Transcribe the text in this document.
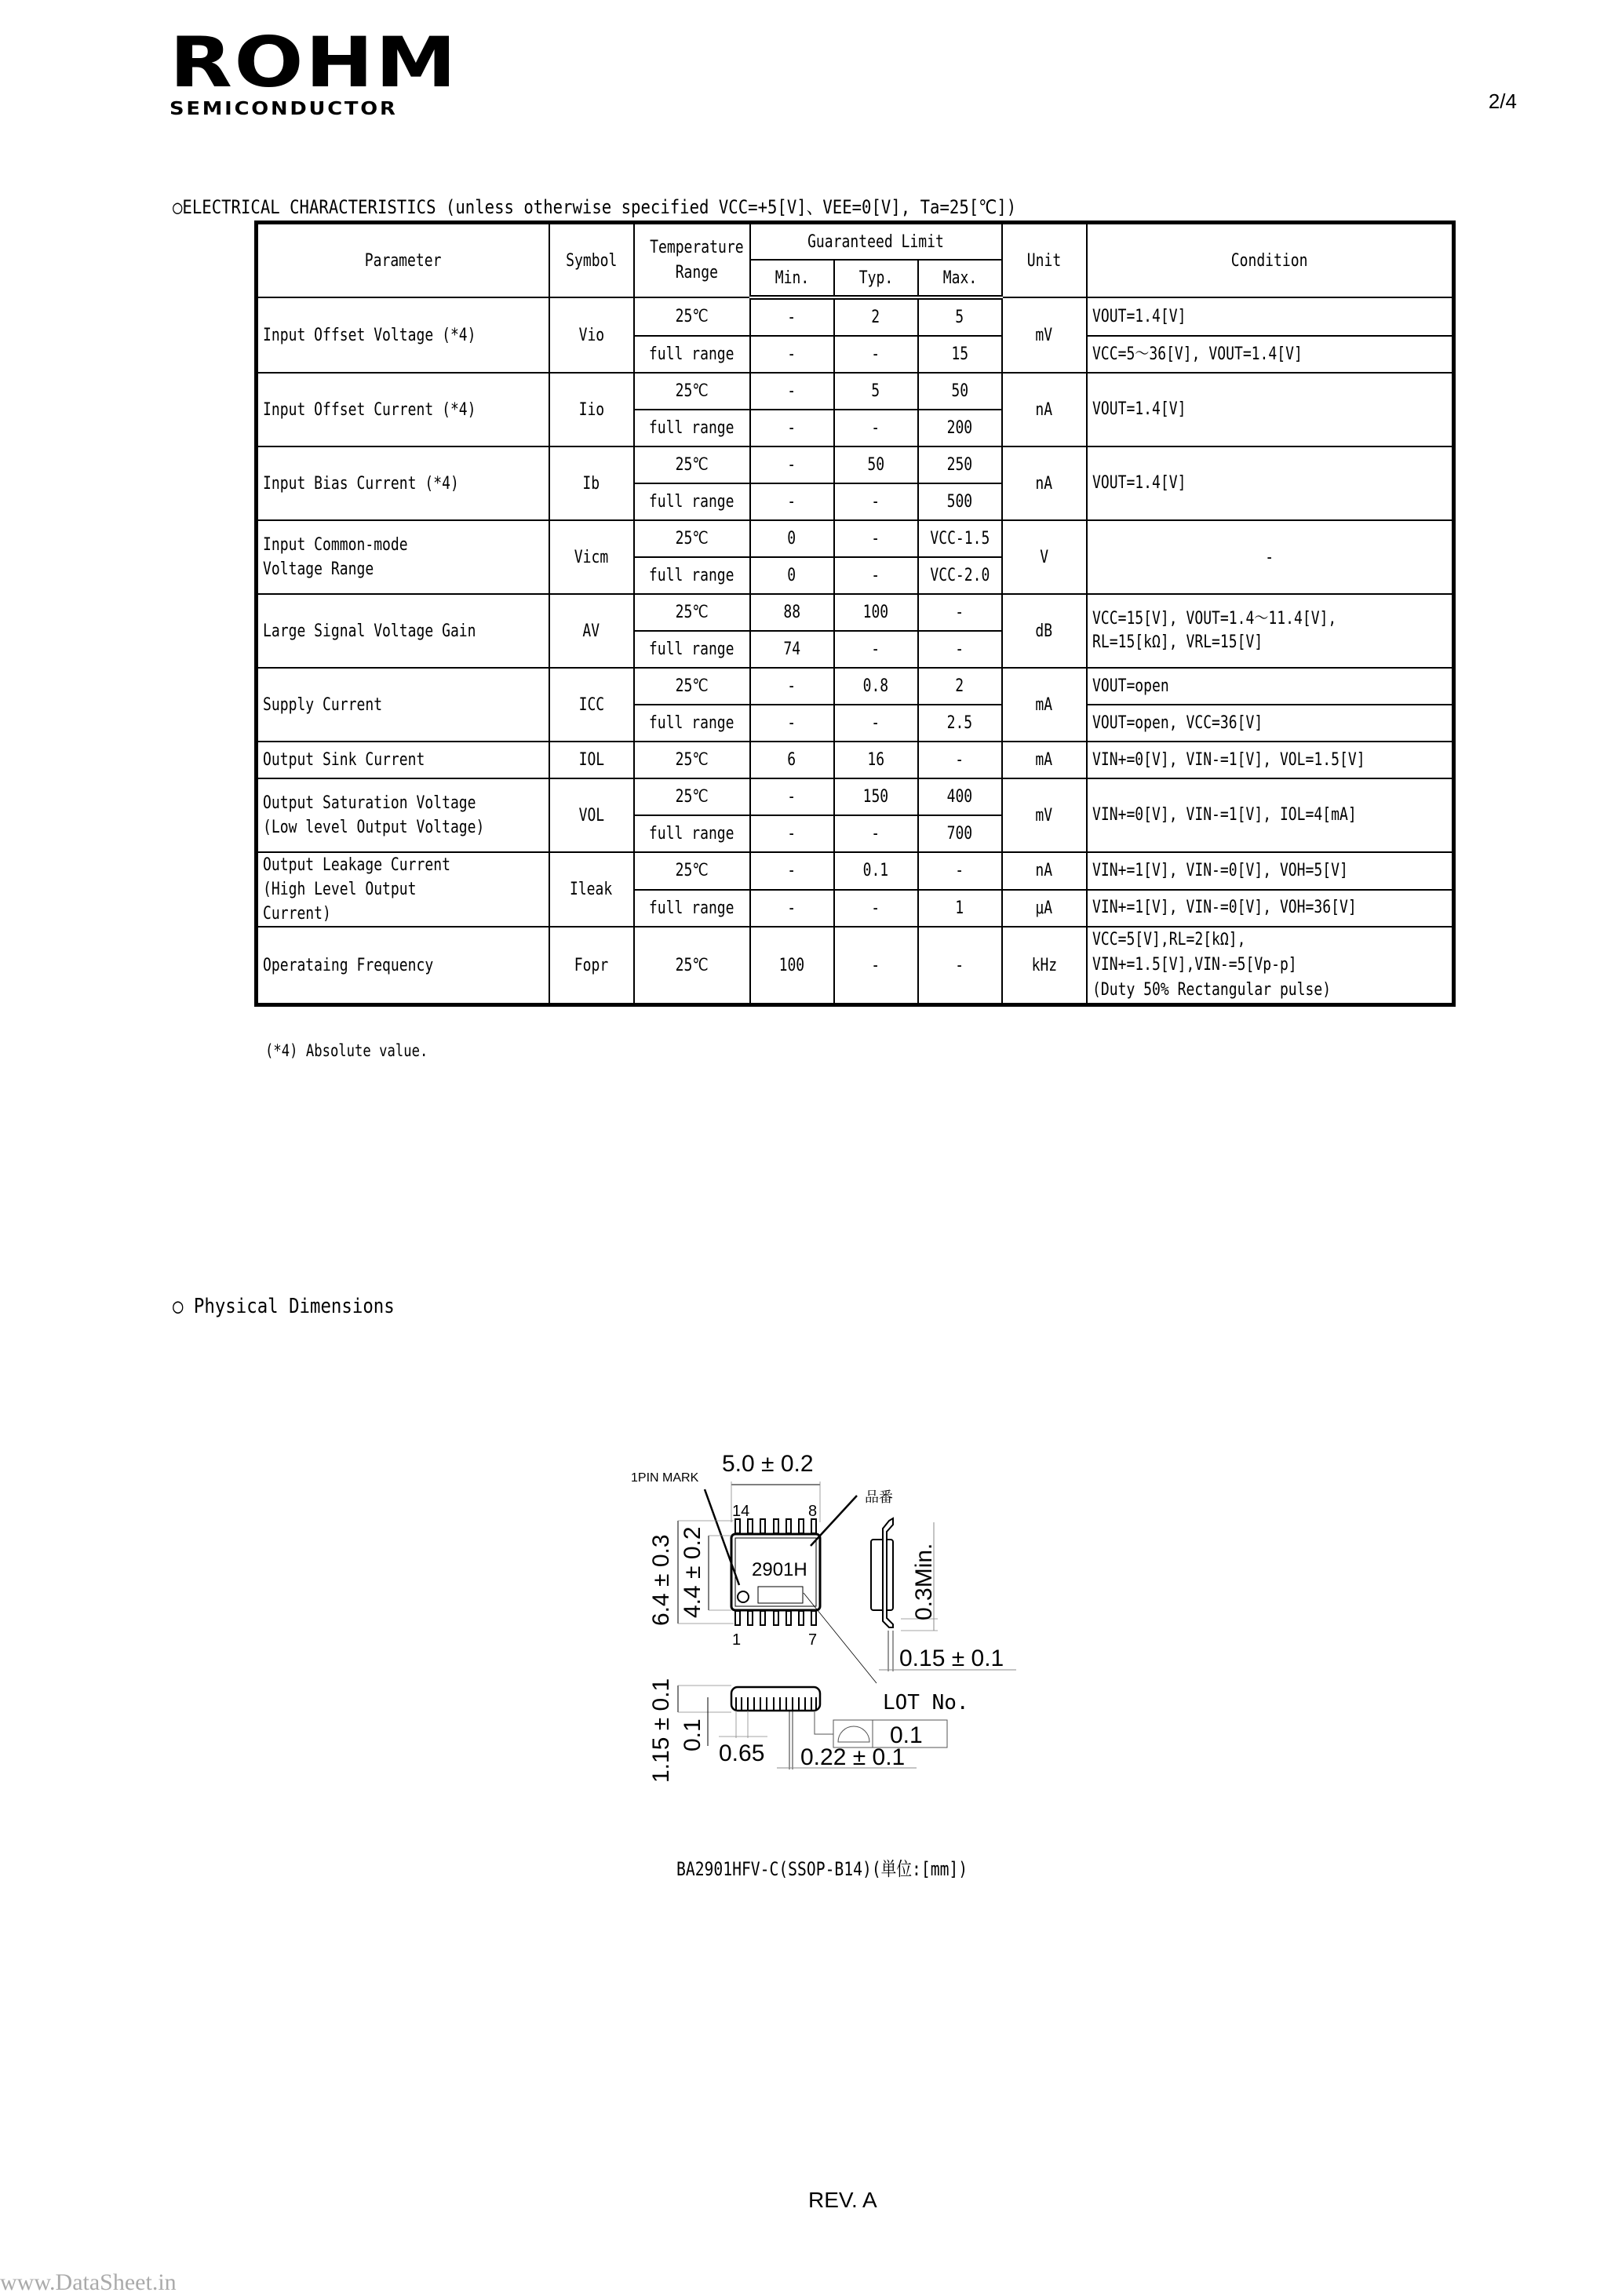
ROHM
SEMICONDUCTOR	2/4
○ELECTRICAL CHARACTERISTICS (unless otherwise specified VCC=+5[V]、VEE=0[V], Ta=25[℃])
Parameter	Symbol	Temperature Range	Guaranteed Limit			Unit	Condition
			Min.	Typ.	Max.		
Input Offset Voltage (*4)	Vio	25℃	-	2	5	mV	VOUT=1.4[V]
		full range	-	-	15		VCC=5～36[V], VOUT=1.4[V]
Input Offset Current (*4)	Iio	25℃	-	5	50	nA	VOUT=1.4[V]
		full range	-	-	200		
Input Bias Current (*4)	Ib	25℃	-	50	250	nA	VOUT=1.4[V]
		full range	-	-	500		
Input Common-mode
Voltage Range	Vicm	25℃	0	-	VCC-1.5	V	-
		full range	0	-	VCC-2.0		
Large Signal Voltage Gain	AV	25℃	88	100	-	dB	VCC=15[V], VOUT=1.4～11.4[V],
RL=15[kΩ], VRL=15[V]
		full range	74	-	-		
Supply Current	ICC	25℃	-	0.8	2	mA	VOUT=open
		full range	-	-	2.5		VOUT=open, VCC=36[V]
Output Sink Current	IOL	25℃	6	16	-	mA	VIN+=0[V], VIN-=1[V], VOL=1.5[V]
Output Saturation Voltage
(Low level Output Voltage)	VOL	25℃	-	150	400	mV	VIN+=0[V], VIN-=1[V], IOL=4[mA]
		full range	-	-	700		
Output Leakage Current
(High Level Output Current)	Ileak	25℃	-	0.1	-	nA	VIN+=1[V], VIN-=0[V], VOH=5[V]
		full range	-	-	1	μA	VIN+=1[V], VIN-=0[V], VOH=36[V]
Operataing Frequency	Fopr	25℃	100	-	-	kHz	VCC=5[V],RL=2[kΩ],
VIN+=1.5[V],VIN-=5[Vp-p]
(Duty 50% Rectangular pulse)
(*4) Absolute value.
○ Physical Dimensions
1PIN MARK
5.0 ± 0.2
品番
14	8
2901H
1	7
6.4 ± 0.3 4.4 ± 0.2	0.3Min.
0.15 ± 0.1
1.15 ± 0.1 0.1
0.65 0.22 ± 0.1
LOT No.
0.1
BA2901HFV-C(SSOP-B14)(単位:[mm])
REV. A
www.DataSheet.in
